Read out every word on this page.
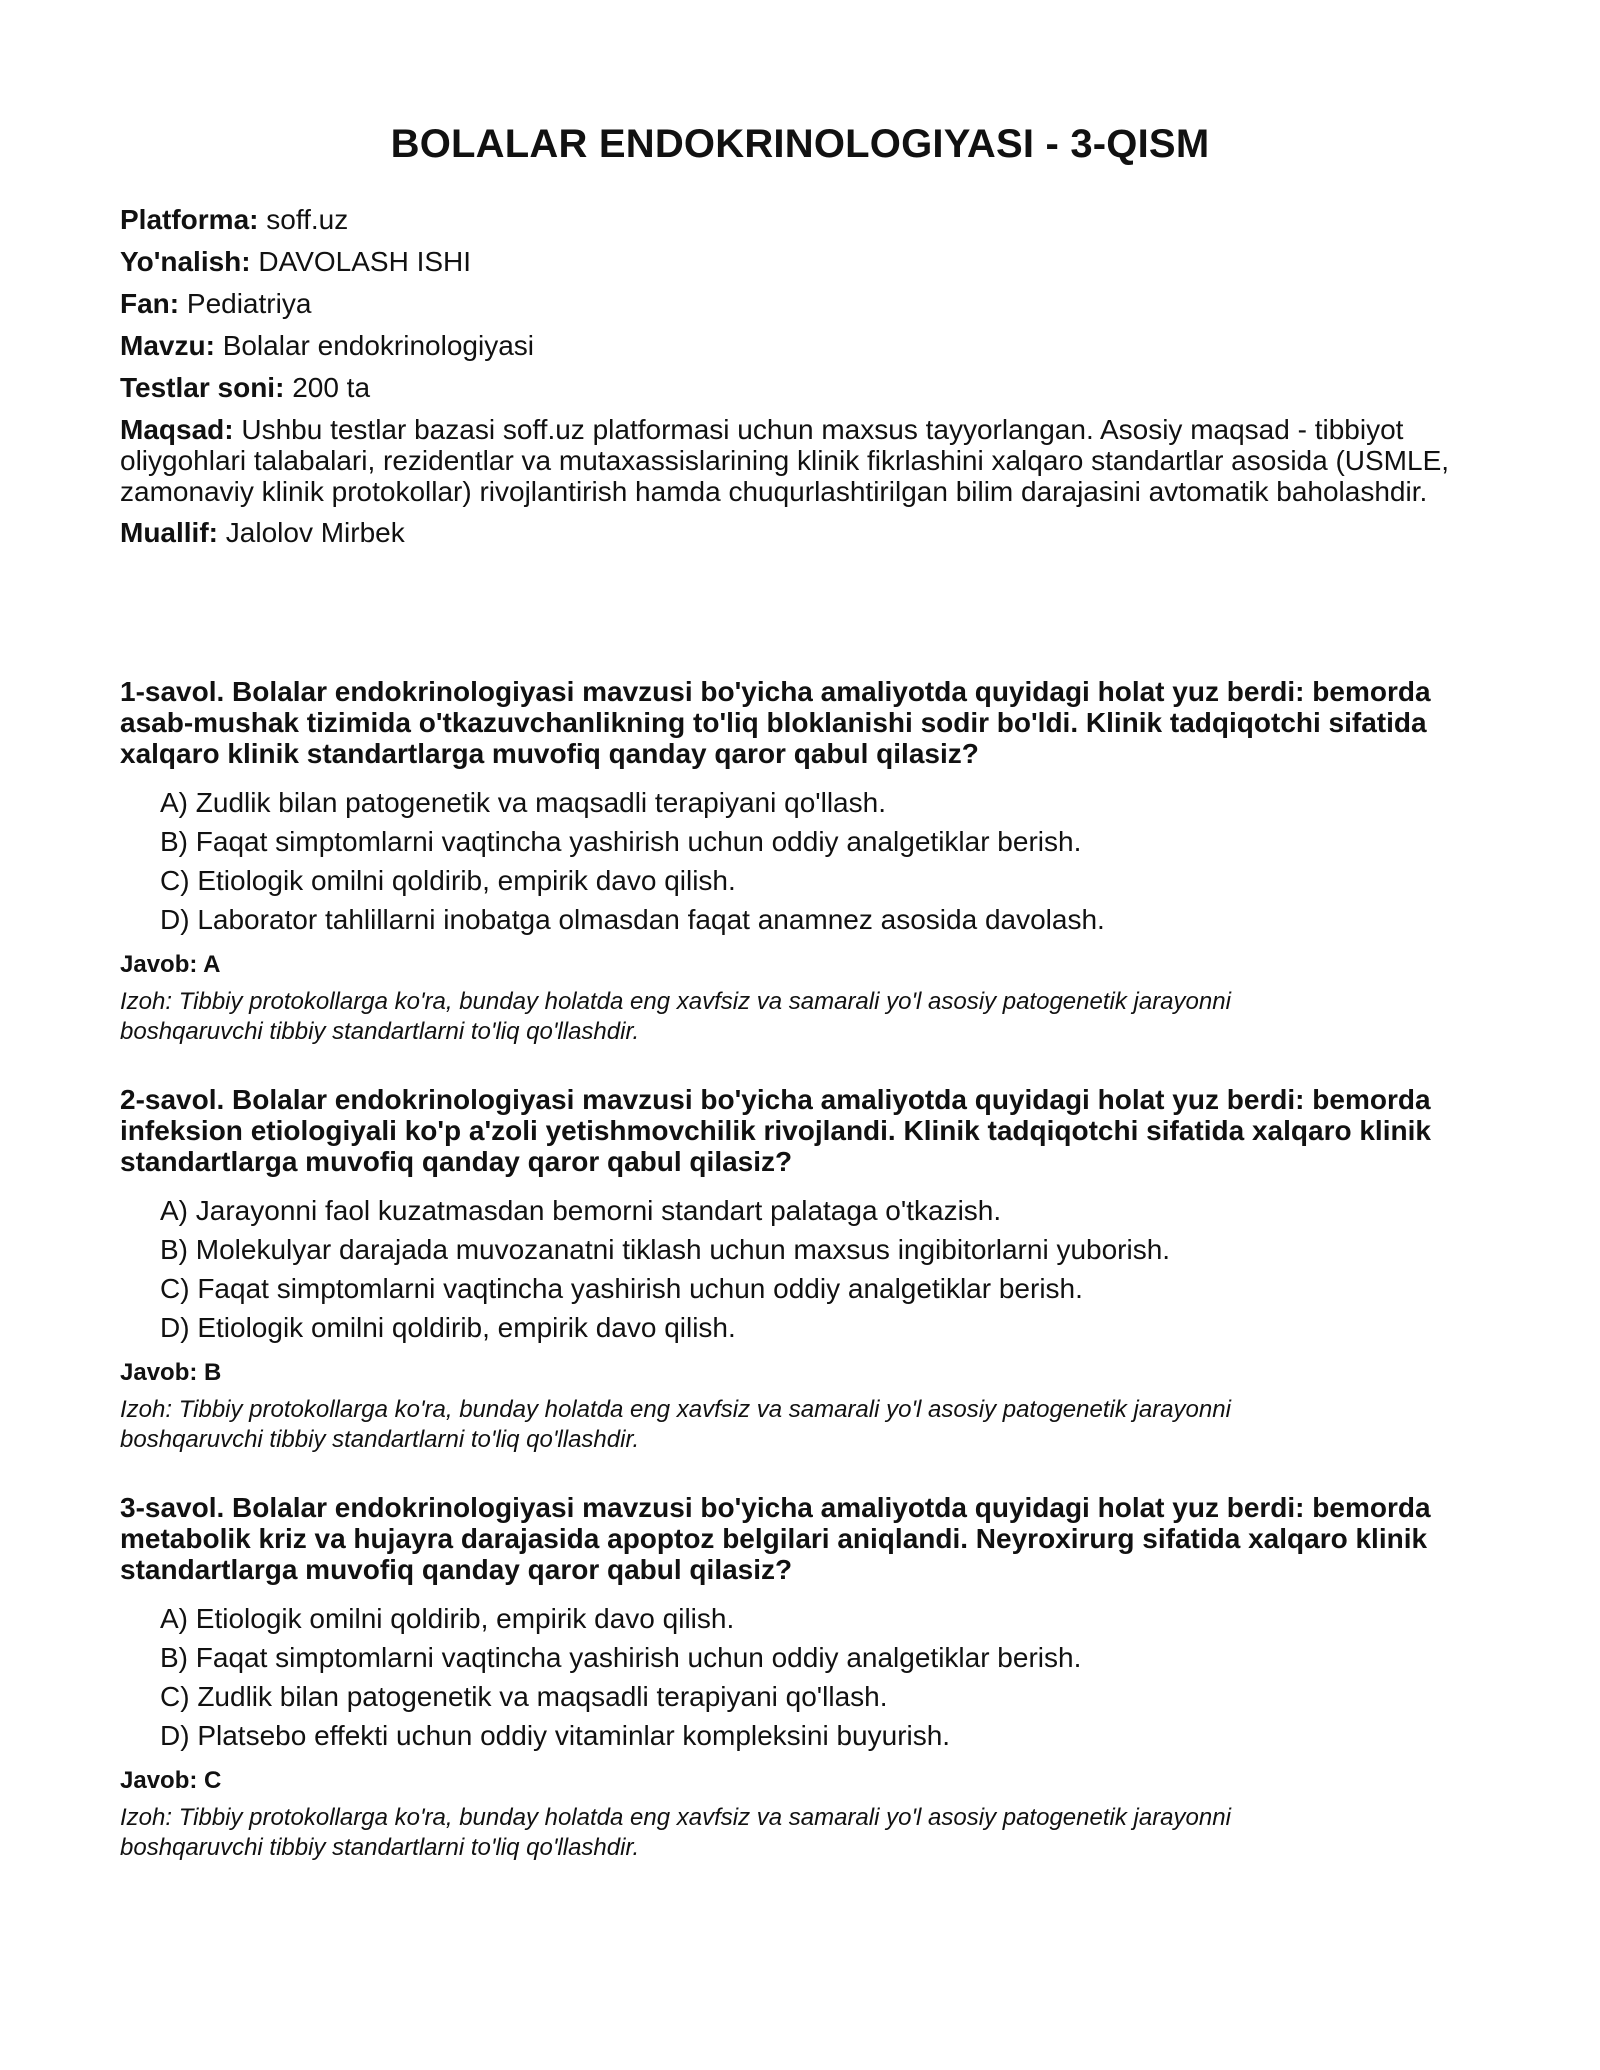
BOLALAR ENDOKRINOLOGIYASI - 3-QISM
Platforma: soff.uz
Yo'nalish: DAVOLASH ISHI
Fan: Pediatriya
Mavzu: Bolalar endokrinologiyasi
Testlar soni: 200 ta
Maqsad: Ushbu testlar bazasi soff.uz platformasi uchun maxsus tayyorlangan. Asosiy maqsad - tibbiyot oliygohlari talabalari, rezidentlar va mutaxassislarining klinik fikrlashini xalqaro standartlar asosida (USMLE, zamonaviy klinik protokollar) rivojlantirish hamda chuqurlashtirilgan bilim darajasini avtomatik baholashdir.
Muallif: Jalolov Mirbek
1-savol. Bolalar endokrinologiyasi mavzusi bo'yicha amaliyotda quyidagi holat yuz berdi: bemorda asab-mushak tizimida o'tkazuvchanlikning to'liq bloklanishi sodir bo'ldi. Klinik tadqiqotchi sifatida xalqaro klinik standartlarga muvofiq qanday qaror qabul qilasiz?
A) Zudlik bilan patogenetik va maqsadli terapiyani qo'llash.
B) Faqat simptomlarni vaqtincha yashirish uchun oddiy analgetiklar berish.
C) Etiologik omilni qoldirib, empirik davo qilish.
D) Laborator tahlillarni inobatga olmasdan faqat anamnez asosida davolash.
Javob: A
Izoh: Tibbiy protokollarga ko'ra, bunday holatda eng xavfsiz va samarali yo'l asosiy patogenetik jarayonni boshqaruvchi tibbiy standartlarni to'liq qo'llashdir.
2-savol. Bolalar endokrinologiyasi mavzusi bo'yicha amaliyotda quyidagi holat yuz berdi: bemorda infeksion etiologiyali ko'p a'zoli yetishmovchilik rivojlandi. Klinik tadqiqotchi sifatida xalqaro klinik standartlarga muvofiq qanday qaror qabul qilasiz?
A) Jarayonni faol kuzatmasdan bemorni standart palataga o'tkazish.
B) Molekulyar darajada muvozanatni tiklash uchun maxsus ingibitorlarni yuborish.
C) Faqat simptomlarni vaqtincha yashirish uchun oddiy analgetiklar berish.
D) Etiologik omilni qoldirib, empirik davo qilish.
Javob: B
Izoh: Tibbiy protokollarga ko'ra, bunday holatda eng xavfsiz va samarali yo'l asosiy patogenetik jarayonni boshqaruvchi tibbiy standartlarni to'liq qo'llashdir.
3-savol. Bolalar endokrinologiyasi mavzusi bo'yicha amaliyotda quyidagi holat yuz berdi: bemorda metabolik kriz va hujayra darajasida apoptoz belgilari aniqlandi. Neyroxirurg sifatida xalqaro klinik standartlarga muvofiq qanday qaror qabul qilasiz?
A) Etiologik omilni qoldirib, empirik davo qilish.
B) Faqat simptomlarni vaqtincha yashirish uchun oddiy analgetiklar berish.
C) Zudlik bilan patogenetik va maqsadli terapiyani qo'llash.
D) Platsebo effekti uchun oddiy vitaminlar kompleksini buyurish.
Javob: C
Izoh: Tibbiy protokollarga ko'ra, bunday holatda eng xavfsiz va samarali yo'l asosiy patogenetik jarayonni boshqaruvchi tibbiy standartlarni to'liq qo'llashdir.
